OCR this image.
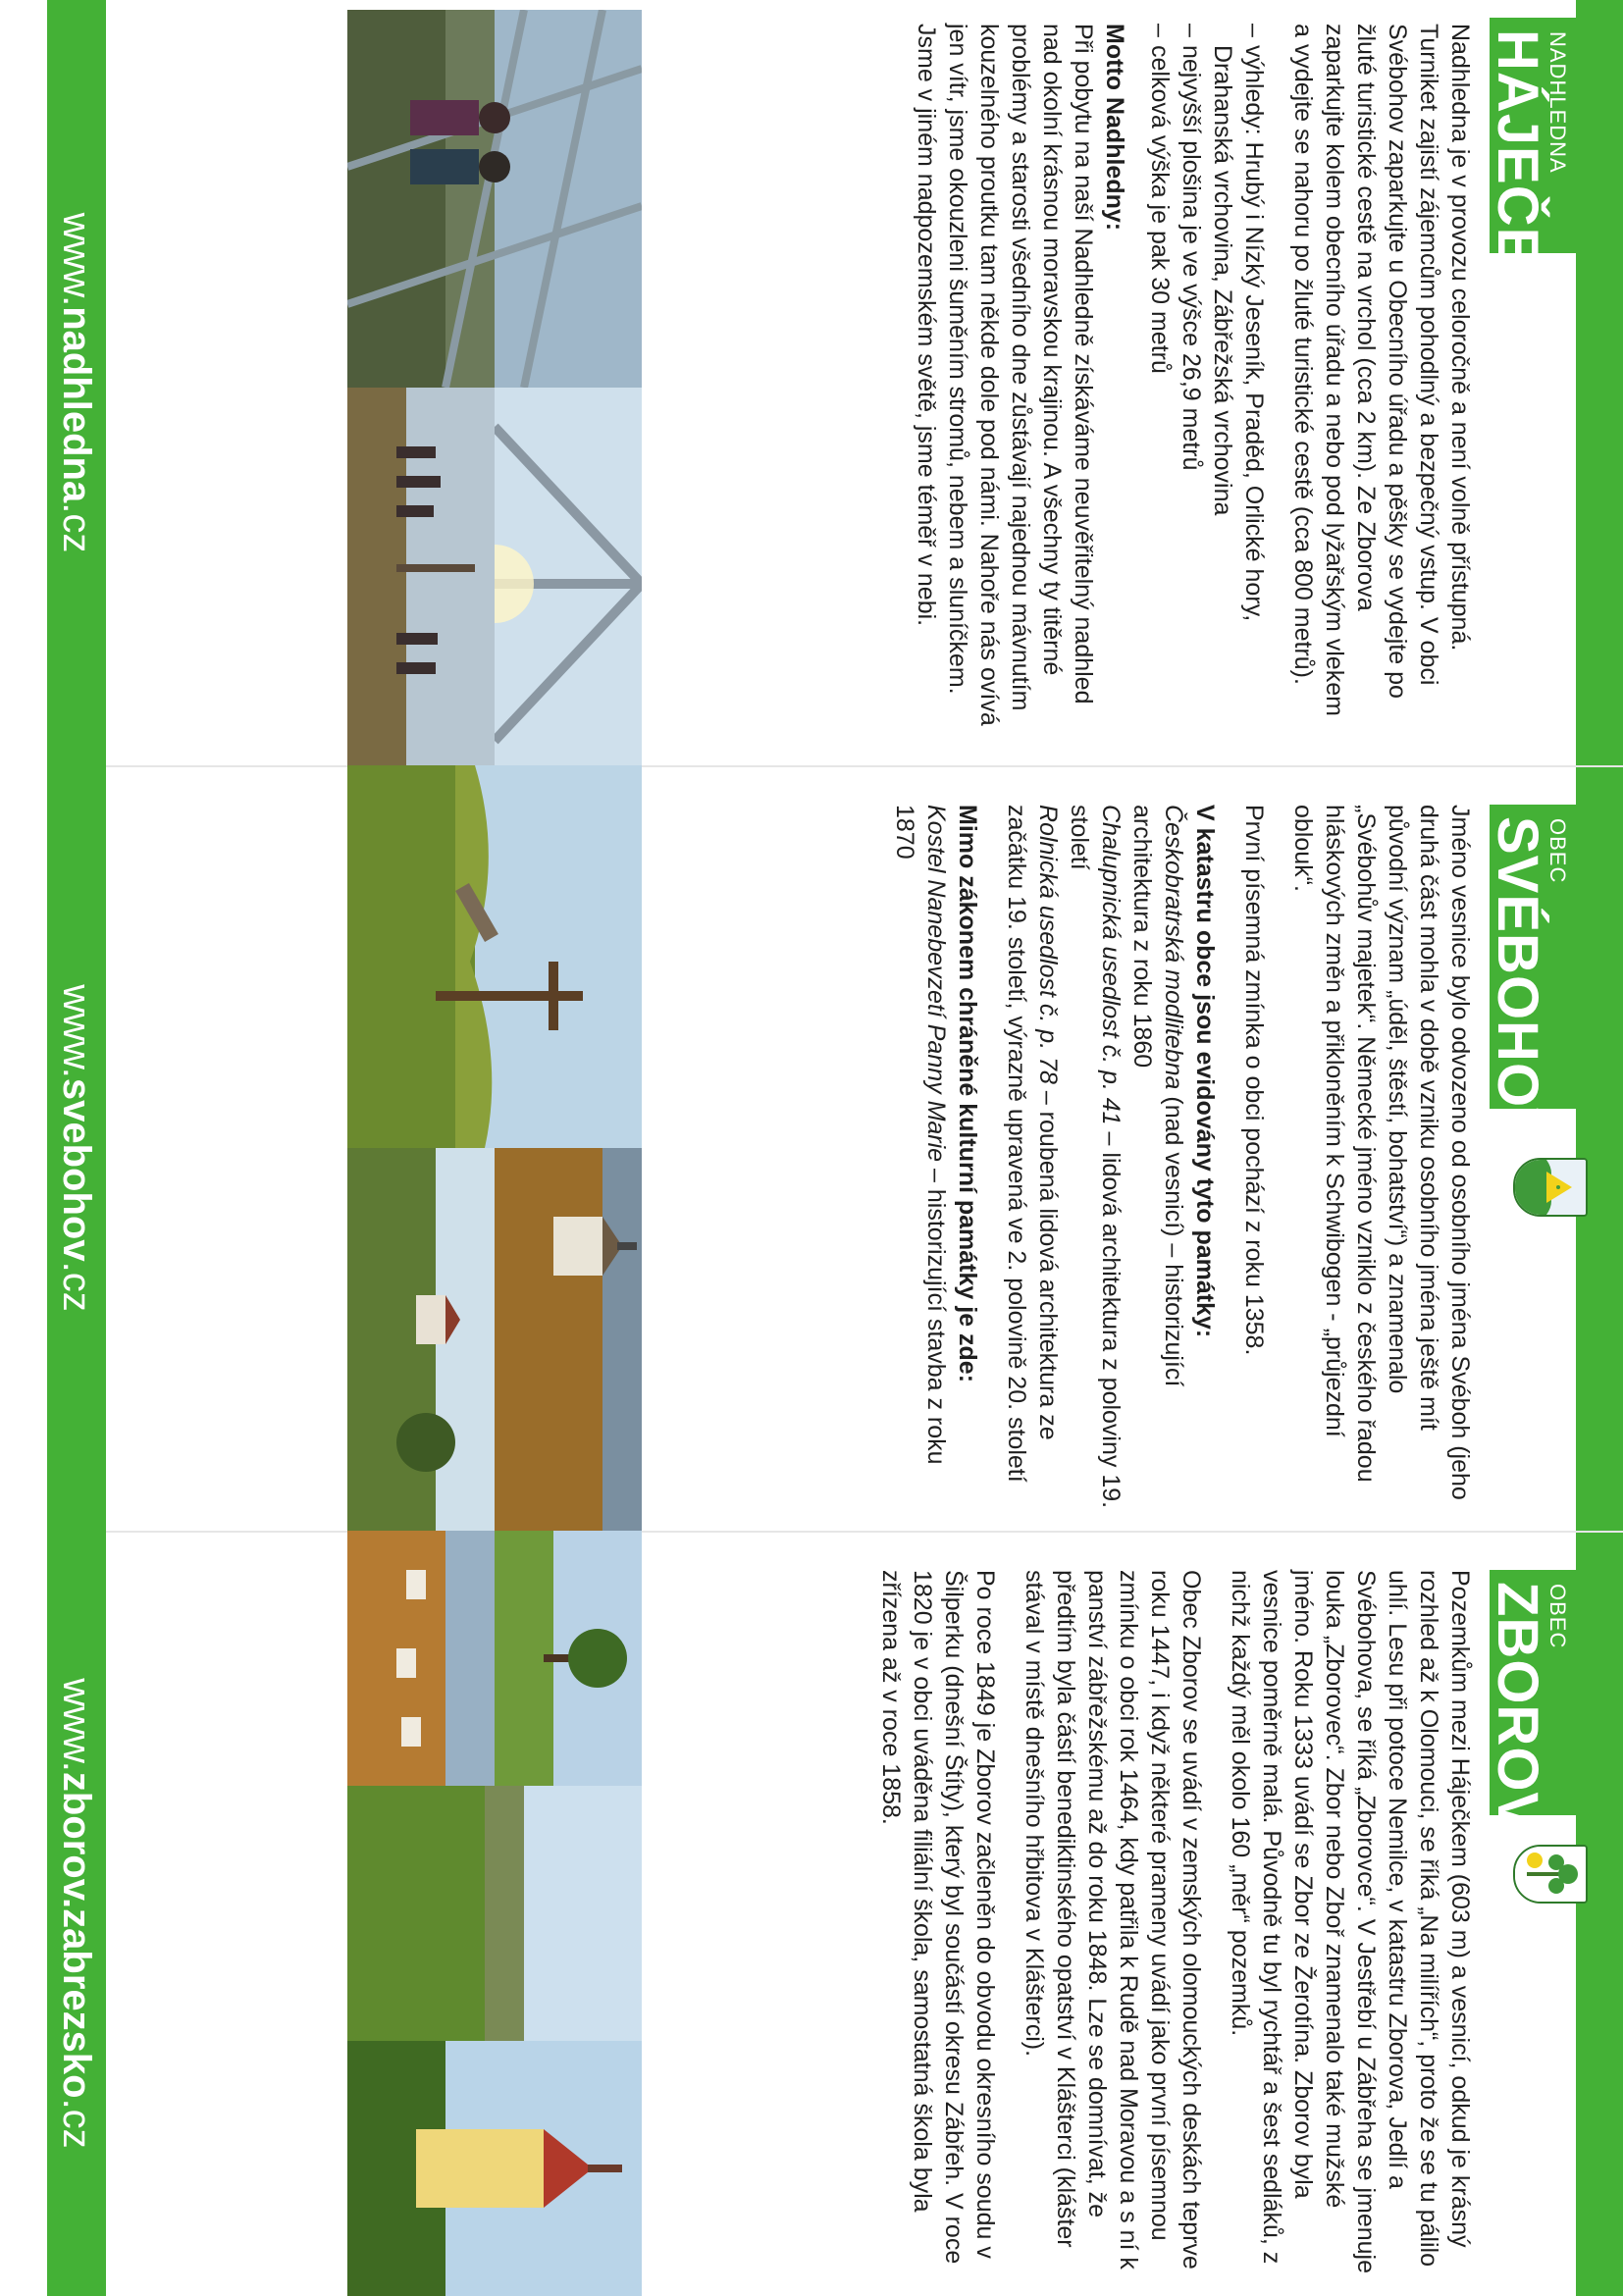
NADHLEDNA
HÁJEČEK

Nadhledna je v provozu celoročně a není volně přístupná. Turniket zajistí zájemcům pohodlný a bezpečný vstup. V obci Svébohov zaparkujte u Obecního úřadu a pěšky se vydejte po žluté turistické cestě na vrchol (cca 2 km). Ze Zborova zaparkujte kolem obecního úřadu a nebo pod lyžařským vlekem a vydejte se nahoru po žluté turistické cestě (cca 800 metrů).

– výhledy: Hrubý i Nízký Jeseník, Praděd, Orlické hory, Drahanská vrchovina, Zábřežská vrchovina
– nejvyšší plošina je ve výšce 26,9 metrů
– celková výška je pak 30 metrů

Motto Nadhledny:

Při pobytu na naší Nadhledně získáváme neuvěřitelný nadhled nad okolní krásnou moravskou krajinou. A všechny ty titěrné problémy a starosti všedního dne zůstávají najednou mávnutím kouzelného proutku tam někde dole pod námi. Nahoře nás ovívá jen vítr, jsme okouzleni šuměním stromů, nebem a sluníčkem. Jsme v jiném nadpozemském světě, jsme téměř v nebi.

www.nadhledna.cz
OBEC
SVÉBOHOV

Jméno vesnice bylo odvozeno od osobního jména Svéboh (jeho druhá část mohla v době vzniku osobního jména ještě mít původní význam „úděl, štěstí, bohatství“) a znamenalo „Svébohův majetek“. Německé jméno vzniklo z českého řadou hláskových změn a přikloněním k Schwibogen - „průjezdní oblouk“.

První písemná zmínka o obci pochází z roku 1358.

V katastru obce jsou evidovány tyto památky:

Českobratrská modlitebna (nad vesnicí) – historizující architektura z roku 1860

Chalupnická usedlost č. p. 41 – lidová architektura z poloviny 19. století

Rolnická usedlost č. p. 78 – roubená lidová architektura ze začátku 19. století, výrazně upravená ve 2. polovině 20. století

Mimo zákonem chráněné kulturní památky je zde:

Kostel Nanebevzetí Panny Marie – historizující stavba z roku 1870

www.svebohov.cz
OBEC
ZBOROV

Pozemkům mezi Háječkem (603 m) a vesnicí, odkud je krásný rozhled až k Olomouci, se říká „Na milířích“, proto že se tu pálilo uhlí. Lesu při potoce Nemilce, v katastru Zborova, Jedlí a Svébohova, se říká „Zborovce“. V Jestřebí u Zábřeha se jmenuje louka „Zborovec“. Zbor nebo Zboř znamenalo také mužské jméno. Roku 1333 uvádí se Zbor ze Žerotína. Zborov byla vesnice poměrně malá. Původně tu byl rychtář a šest sedláků, z nichž každý měl okolo 160 „měr“ pozemků.

Obec Zborov se uvádí v zemských olomouckých deskách teprve roku 1447, i když některé prameny uvádí jako první písemnou zmínku o obci rok 1464, kdy patřila k Rudě nad Moravou a s ní k panství zábřežskému až do roku 1848. Lze se domnívat, že předtím byla částí benediktinského opatství v Klášterci (klášter stával v místě dnešního hřbitova v Klášterci).

Po roce 1849 je Zborov začleněn do obvodu okresního soudu v Šilperku (dnešní Štíty), který byl součástí okresu Zábřeh. V roce 1820 je v obci uváděna filiální škola, samostatná škola byla zřízena až v roce 1858.

www.zborov.zabrezsko.cz
